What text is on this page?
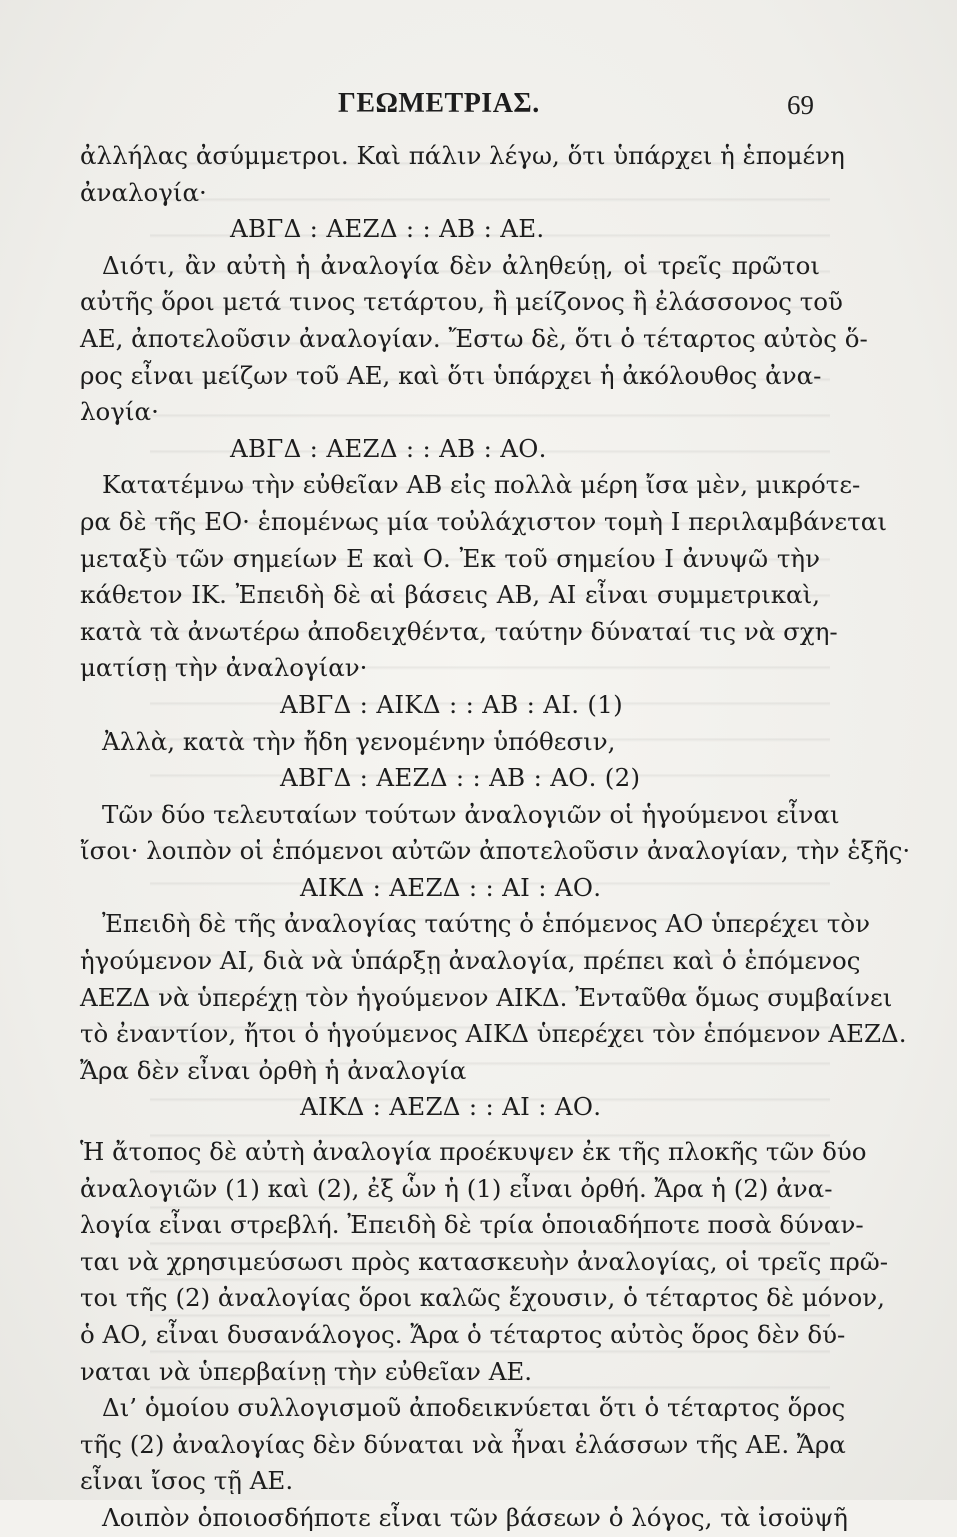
ΓΕΩΜΕΤΡΙΑΣ.	69
ἀλλήλας ἀσύμμετροι. Καὶ πάλιν λέγω, ὅτι ὑπάρχει ἡ ἑπομένη
ἀναλογία·
ΑΒΓΔ : ΑΕΖΔ : : ΑΒ : ΑΕ.
Διότι, ἂν αὐτὴ ἡ ἀναλογία δὲν ἀληθεύῃ, οἱ τρεῖς πρῶτοι
αὐτῆς ὅροι μετά τινος τετάρτου, ἢ μείζονος ἢ ἐλάσσονος τοῦ
ΑΕ, ἀποτελοῦσιν ἀναλογίαν. Ἔστω δὲ, ὅτι ὁ τέταρτος αὐτὸς ὅ-
ρος εἶναι μείζων τοῦ ΑΕ, καὶ ὅτι ὑπάρχει ἡ ἀκόλουθος ἀνα-
λογία·
ΑΒΓΔ : ΑΕΖΔ : : ΑΒ : ΑΟ.
Κατατέμνω τὴν εὐθεῖαν ΑΒ εἰς πολλὰ μέρη ἴσα μὲν, μικρότε-
ρα δὲ τῆς ΕΟ· ἑπομένως μία τοὐλάχιστον τομὴ Ι περιλαμβάνεται
μεταξὺ τῶν σημείων Ε καὶ Ο. Ἐκ τοῦ σημείου Ι ἀνυψῶ τὴν
κάθετον ΙΚ. Ἐπειδὴ δὲ αἱ βάσεις ΑΒ, ΑΙ εἶναι συμμετρικαὶ,
κατὰ τὰ ἀνωτέρω ἀποδειχθέντα, ταύτην δύναταί τις νὰ σχη-
ματίσῃ τὴν ἀναλογίαν·
ΑΒΓΔ : ΑΙΚΔ : : ΑΒ : ΑΙ. (1)
Ἀλλὰ, κατὰ τὴν ἤδη γενομένην ὑπόθεσιν,
ΑΒΓΔ : ΑΕΖΔ : : ΑΒ : ΑΟ. (2)
Τῶν δύο τελευταίων τούτων ἀναλογιῶν οἱ ἡγούμενοι εἶναι
ἴσοι· λοιπὸν οἱ ἑπόμενοι αὐτῶν ἀποτελοῦσιν ἀναλογίαν, τὴν ἑξῆς·
ΑΙΚΔ : ΑΕΖΔ : : ΑΙ : ΑΟ.
Ἐπειδὴ δὲ τῆς ἀναλογίας ταύτης ὁ ἑπόμενος ΑΟ ὑπερέχει τὸν
ἡγούμενον ΑΙ, διὰ νὰ ὑπάρξῃ ἀναλογία, πρέπει καὶ ὁ ἑπόμενος
ΑΕΖΔ νὰ ὑπερέχῃ τὸν ἡγούμενον ΑΙΚΔ. Ἐνταῦθα ὅμως συμβαίνει
τὸ ἐναντίον, ἤτοι ὁ ἡγούμενος ΑΙΚΔ ὑπερέχει τὸν ἑπόμενον ΑΕΖΔ.
Ἄρα δὲν εἶναι ὀρθὴ ἡ ἀναλογία
ΑΙΚΔ : ΑΕΖΔ : : ΑΙ : ΑΟ.
Ἡ ἄτοπος δὲ αὐτὴ ἀναλογία προέκυψεν ἐκ τῆς πλοκῆς τῶν δύο
ἀναλογιῶν (1) καὶ (2), ἐξ ὧν ἡ (1) εἶναι ὀρθή. Ἄρα ἡ (2) ἀνα-
λογία εἶναι στρεβλή. Ἐπειδὴ δὲ τρία ὁποιαδήποτε ποσὰ δύναν-
ται νὰ χρησιμεύσωσι πρὸς κατασκευὴν ἀναλογίας, οἱ τρεῖς πρῶ-
τοι τῆς (2) ἀναλογίας ὅροι καλῶς ἔχουσιν, ὁ τέταρτος δὲ μόνον,
ὁ ΑΟ, εἶναι δυσανάλογος. Ἄρα ὁ τέταρτος αὐτὸς ὅρος δὲν δύ-
ναται νὰ ὑπερβαίνῃ τὴν εὐθεῖαν ΑΕ.
Δι’ ὁμοίου συλλογισμοῦ ἀποδεικνύεται ὅτι ὁ τέταρτος ὅρος
τῆς (2) ἀναλογίας δὲν δύναται νὰ ἦναι ἐλάσσων τῆς ΑΕ. Ἄρα
εἶναι ἴσος τῇ ΑΕ.
Λοιπὸν ὁποιοσδήποτε εἶναι τῶν βάσεων ὁ λόγος, τὰ ἰσοϋψῆ
